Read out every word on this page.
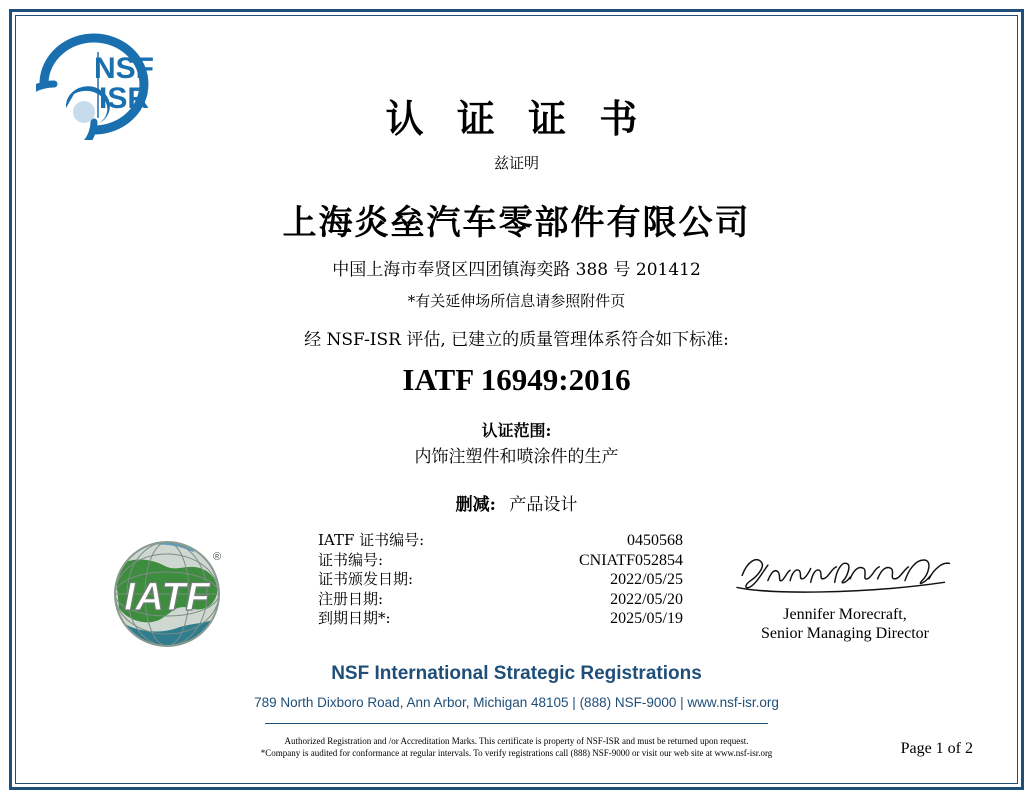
NSF
ISR
IATF
®
认 证 证 书
兹证明
上海炎垒汽车零部件有限公司
中国上海市奉贤区四团镇海奕路 388 号 201412
*有关延伸场所信息请参照附件页
经 NSF-ISR 评估, 已建立的质量管理体系符合如下标准:
IATF 16949:2016
认证范围:
内饰注塑件和喷涂件的生产
删减: 产品设计
IATF 证书编号:	0450568
证书编号:	CNIATF052854
证书颁发日期:	2022/05/25
注册日期:	2022/05/20
到期日期*:	2025/05/19	Jennifer Morecraft,
Senior Managing Director
NSF International Strategic Registrations
789 North Dixboro Road, Ann Arbor, Michigan 48105 | (888) NSF-9000 | www.nsf-isr.org
Authorized Registration and /or Accreditation Marks. This certificate is property of NSF-ISR and must be returned upon request.
*Company is audited for conformance at regular intervals. To verify registrations call (888) NSF-9000 or visit our web site at www.nsf-isr.org	Page 1 of 2
